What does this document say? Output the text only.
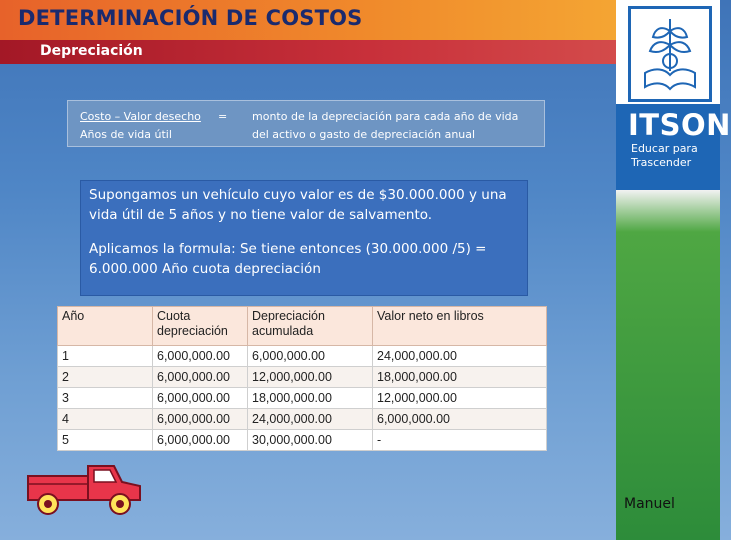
DETERMINACIÓN DE COSTOS
Depreciación
ITSON
Educar para Trascender
Costo – Valor desecho =
Años de vida útil
monto de la depreciación para cada año de vida
del activo o gasto de depreciación anual

Supongamos un vehículo cuyo valor es de $30.000.000 y una vida útil de 5 años y no tiene valor de salvamento.

Aplicamos la formula: Se tiene entonces (30.000.000 /5) = 6.000.000 Año cuota depreciación

Año	Cuota depreciación	Depreciación acumulada	Valor neto en libros
1	6,000,000.00	6,000,000.00	24,000,000.00
2	6,000,000.00	12,000,000.00	18,000,000.00
3	6,000,000.00	18,000,000.00	12,000,000.00
4	6,000,000.00	24,000,000.00	6,000,000.00
5	6,000,000.00	30,000,000.00	-
Manuel
